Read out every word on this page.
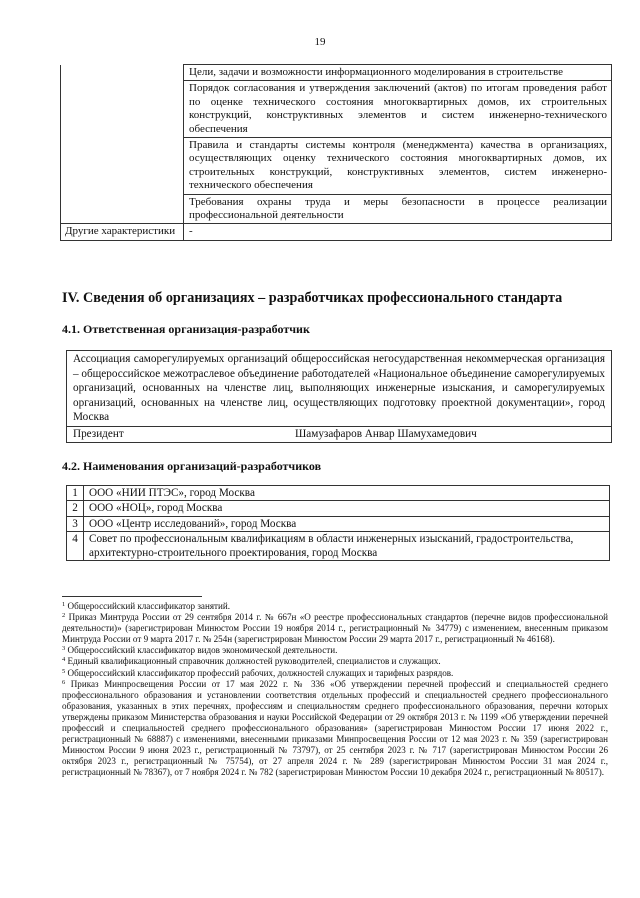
19
	Цели, задачи и возможности информационного моделирования в строительстве
	Порядок согласования и утверждения заключений (актов) по итогам проведения работ по оценке технического состояния многоквартирных домов, их строительных конструкций, конструктивных элементов и систем инженерно-технического обеспечения
	Правила и стандарты системы контроля (менеджмента) качества в организациях, осуществляющих оценку технического состояния многоквартирных домов, их строительных конструкций, конструктивных элементов, систем инженерно-технического обеспечения
	Требования охраны труда и меры безопасности в процессе реализации профессиональной деятельности
Другие характеристики	-
IV. Сведения об организациях – разработчиках профессионального стандарта
4.1. Ответственная организация-разработчик
Ассоциация саморегулируемых организаций общероссийская негосударственная некоммерческая организация – общероссийское межотраслевое объединение работодателей «Национальное объединение саморегулируемых организаций, основанных на членстве лиц, выполняющих инженерные изыскания, и саморегулируемых организаций, основанных на членстве лиц, осуществляющих подготовку проектной документации», город Москва
Президент	Шамузафаров Анвар Шамухамедович
4.2. Наименования организаций-разработчиков
1	ООО «НИИ ПТЭС», город Москва
2	ООО «НОЦ», город Москва
3	ООО «Центр исследований», город Москва
4	Совет по профессиональным квалификациям в области инженерных изысканий, градостроительства, архитектурно-строительного проектирования, город Москва

$^1$ Общероссийский классификатор занятий.

$^2$ Приказ Минтруда России от 29 сентября 2014 г. № 667н «О реестре профессиональных стандартов (перечне видов профессиональной деятельности)» (зарегистрирован Минюстом России 19 ноября 2014 г., регистрационный № 34779) с изменением, внесенным приказом Минтруда России от 9 марта 2017 г. № 254н (зарегистрирован Минюстом России 29 марта 2017 г., регистрационный № 46168).

$^3$ Общероссийский классификатор видов экономической деятельности.

$^4$ Единый квалификационный справочник должностей руководителей, специалистов и служащих.

$^5$ Общероссийский классификатор профессий рабочих, должностей служащих и тарифных разрядов.

$^6$ Приказ Минпросвещения России от 17 мая 2022 г. № 336 «Об утверждении перечней профессий и специальностей среднего профессионального образования и установлении соответствия отдельных профессий и специальностей среднего профессионального образования, указанных в этих перечнях, профессиям и специальностям среднего профессионального образования, перечни которых утверждены приказом Министерства образования и науки Российской Федерации от 29 октября 2013 г. № 1199 «Об утверждении перечней профессий и специальностей среднего профессионального образования» (зарегистрирован Минюстом России 17 июня 2022 г., регистрационный № 68887) с изменениями, внесенными приказами Минпросвещения России от 12 мая 2023 г. № 359 (зарегистрирован Минюстом России 9 июня 2023 г., регистрационный № 73797), от 25 сентября 2023 г. № 717 (зарегистрирован Минюстом России 26 октября 2023 г., регистрационный № 75754), от 27 апреля 2024 г. № 289 (зарегистрирован Минюстом России 31 мая 2024 г., регистрационный № 78367), от 7 ноября 2024 г. № 782 (зарегистрирован Минюстом России 10 декабря 2024 г., регистрационный № 80517).
